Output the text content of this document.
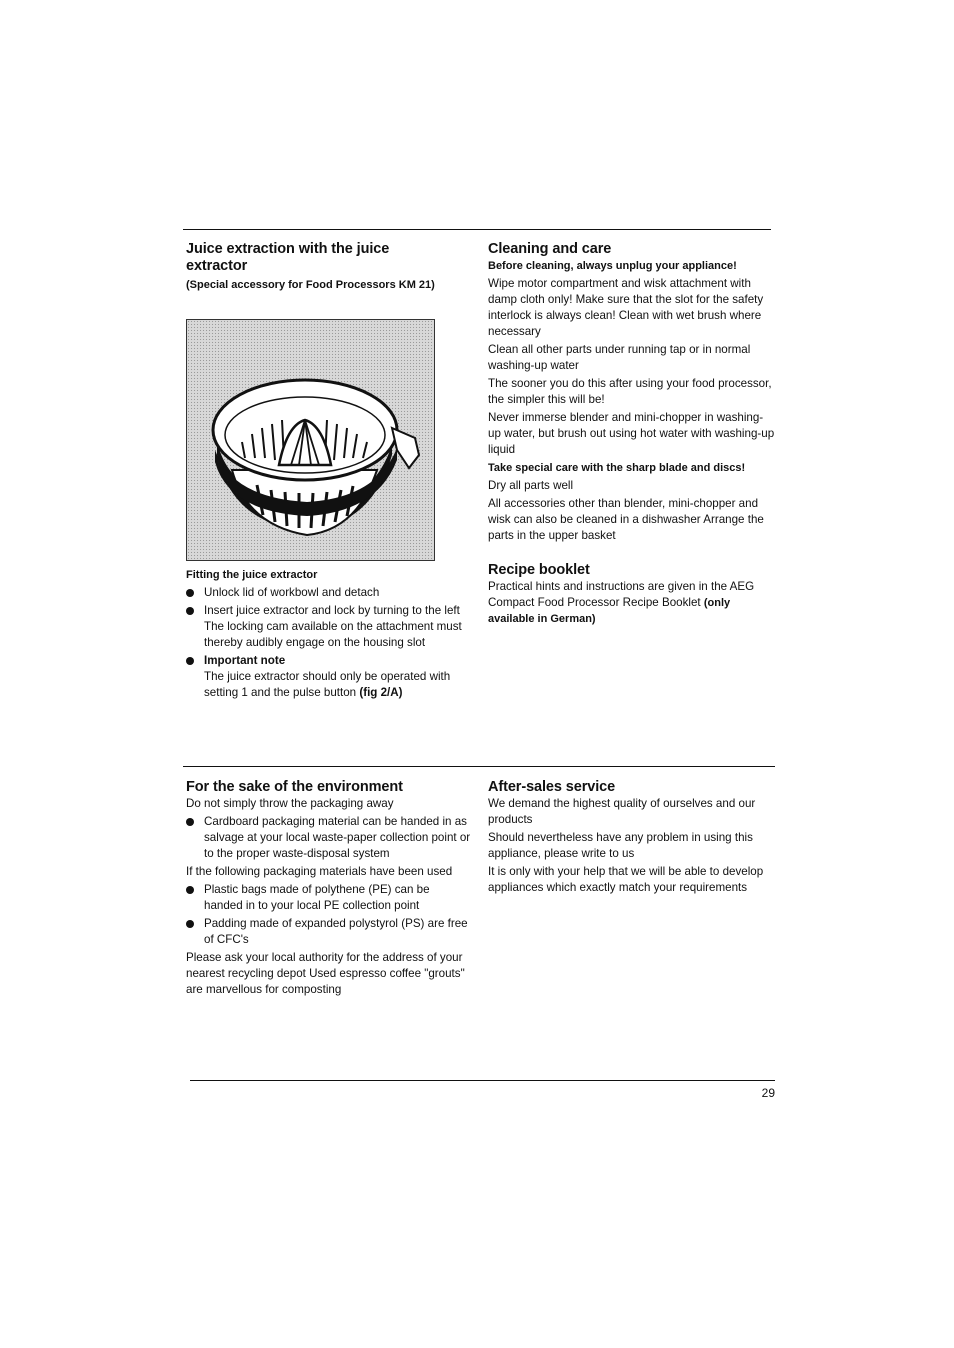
Juice extraction with the juice extractor
(Special accessory for Food Processors KM 21)
Fitting the juice extractor
Unlock lid of workbowl and detach
Insert juice extractor and lock by turning to the left The locking cam available on the attachment must thereby audibly engage on the housing slot
Important note
The juice extractor should only be operated with setting 1 and the pulse button (fig 2/A)
Cleaning and care

Before cleaning, always unplug your appliance!

Wipe motor compartment and wisk attachment with damp cloth only! Make sure that the slot for the safety interlock is always clean! Clean with wet brush where necessary

Clean all other parts under running tap or in normal washing-up water

The sooner you do this after using your food processor, the simpler this will be!

Never immerse blender and mini-chopper in washing-up water, but brush out using hot water with washing-up liquid

Take special care with the sharp blade and discs!

Dry all parts well

All accessories other than blender, mini-chopper and wisk can also be cleaned in a dishwasher Arrange the parts in the upper basket

Recipe booklet

Practical hints and instructions are given in the AEG Compact Food Processor Recipe Booklet (only available in German)

For the sake of the environment

Do not simply throw the packaging away

Cardboard packaging material can be handed in as salvage at your local waste-paper collection point or to the proper waste-disposal system

If the following packaging materials have been used

Plastic bags made of polythene (PE) can be handed in to your local PE collection point
Padding made of expanded polystyrol (PS) are free of CFC's

Please ask your local authority for the address of your nearest recycling depot Used espresso coffee "grouts" are marvellous for composting

After-sales service

We demand the highest quality of ourselves and our products

Should nevertheless have any problem in using this appliance, please write to us

It is only with your help that we will be able to develop appliances which exactly match your requirements

29
